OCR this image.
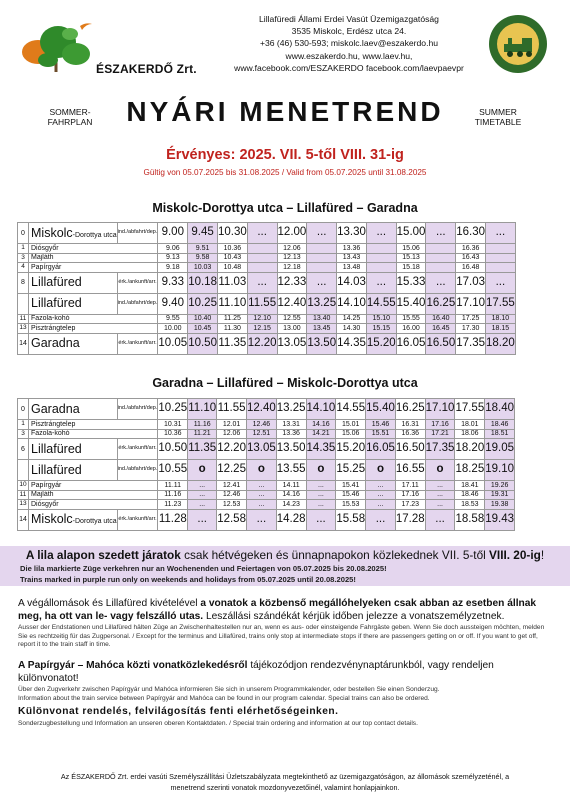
ÉSZAKERDŐ Zrt.
Lillafüredi Állami Erdei Vasút Üzemigazgatóság
3535 Miskolc, Erdész utca 24.
+36 (46) 530-593; miskolc.laev@eszakerdo.hu
www.eszakerdo.hu, www.laev.hu,
www.facebook.com/ESZAKERDO facebook.com/laevpaevpr
SOMMER-
FAHRPLAN	NYÁRI MENETREND	SUMMER
TIMETABLE
Érvényes: 2025. VII. 5-től VIII. 31-ig
Gültig von 05.07.2025 bis 31.08.2025 / Valid from 05.07.2025 until 31.08.2025
Miskolc-Dorottya utca – Lillafüred – Garadna
0	Miskolc-Dorottya utca	ind./abfahrt/dep.	9.00	9.45	10.30	...	12.00	...	13.30	...	15.00	...	16.30	...
1	Diósgyőr		9.06	9.51	10.36		12.06		13.36		15.06		16.36	
3	Majláth		9.13	9.58	10.43		12.13		13.43		15.13		16.43	
4	Papírgyár		9.18	10.03	10.48		12.18		13.48		15.18		16.48	
8	Lillafüred	érk./ankunft/arr.	9.33	10.18	11.03	...	12.33	...	14.03	...	15.33	...	17.03	...
	Lillafüred	ind./abfahrt/dep.	9.40	10.25	11.10	11.55	12.40	13.25	14.10	14.55	15.40	16.25	17.10	17.55
11	Fazola-kohó		9.55	10.40	11.25	12.10	12.55	13.40	14.25	15.10	15.55	16.40	17.25	18.10
13	Pisztrángtelep		10.00	10.45	11.30	12.15	13.00	13.45	14.30	15.15	16.00	16.45	17.30	18.15
14	Garadna	érk./ankunft/arr.	10.05	10.50	11.35	12.20	13.05	13.50	14.35	15.20	16.05	16.50	17.35	18.20
Garadna – Lillafüred – Miskolc-Dorottya utca
0	Garadna	ind./abfahrt/dep.	10.25	11.10	11.55	12.40	13.25	14.10	14.55	15.40	16.25	17.10	17.55	18.40
1	Pisztrángtelep		10.31	11.16	12.01	12.46	13.31	14.16	15.01	15.46	16.31	17.16	18.01	18.46
3	Fazola-kohó		10.36	11.21	12.06	12.51	13.36	14.21	15.06	15.51	16.36	17.21	18.06	18.51
6	Lillafüred	érk./ankunft/arr.	10.50	11.35	12.20	13.05	13.50	14.35	15.20	16.05	16.50	17.35	18.20	19.05
	Lillafüred	ind./abfahrt/dep.	10.55	o	12.25	o	13.55	o	15.25	o	16.55	o	18.25	19.10
10	Papírgyár		11.11	...	12.41	...	14.11	...	15.41	...	17.11	...	18.41	19.26
11	Majláth		11.16	...	12.46	...	14.16	...	15.46	...	17.16	...	18.46	19.31
13	Diósgyőr		11.23	...	12.53	...	14.23	...	15.53	...	17.23	...	18.53	19.38
14	Miskolc-Dorottya utca	érk./ankunft/arr.	11.28	...	12.58	...	14.28	...	15.58	...	17.28	...	18.58	19.43
A lila alapon szedett járatok csak hétvégeken és ünnapnapokon közlekednek VII. 5-től VIII. 20-ig!
Die lila markierte Züge verkehren nur an Wochenenden und Feiertagen von 05.07.2025 bis 20.08.2025!
Trains marked in purple run only on weekends and holidays from 05.07.2025 until 20.08.2025!
A végállomások és Lillafüred kivételével a vonatok a közbenső megállóhelyeken csak abban az esetben állnak meg, ha ott van le- vagy felszálló utas. Leszállási szándékát kérjük időben jelezze a vonatszemélyzetnek.
Ausser der Endstationen und Lillafüred hälten Züge an Zwischenhaltestellen nur an, wenn es aus- oder einsteigende Fahrgäste geben. Wenn Sie doch aussteigen möchten, melden Sie es rechtzeitig für das Zugpersonal. / Except for the terminus and Lillafüred, trains only stop at intermediate stops if there are passengers getting on or off. If you want to get off, report it to the train staff in time.
A Papírgyár – Mahóca közti vonatközlekedésről tájékozódjon rendezvénynaptárunkból, vagy rendeljen különvonatot!
Über den Zugverkehr zwischen Papírgyár und Mahóca informieren Sie sich in unserem Programmkalender, oder bestellen Sie einen Sonderzug.
Information about the train service between Papírgyár and Mahóca can be found in our program calendar. Special trains can also be ordered.
Különvonat rendelés, felvilágosítás fenti elérhetőségeinken.
Sonderzugbestellung und Information an unseren oberen Kontaktdaten. / Special train ordering and information at our top contact details.
Az ÉSZAKERDŐ Zrt. erdei vasúti Személyszállítási Üzletszabályzata megtekinthető az üzemigazgatóságon, az állomások személyzeténél, a
menetrend szerinti vonatok mozdonyvezetőinél, valamint honlapjainkon.
